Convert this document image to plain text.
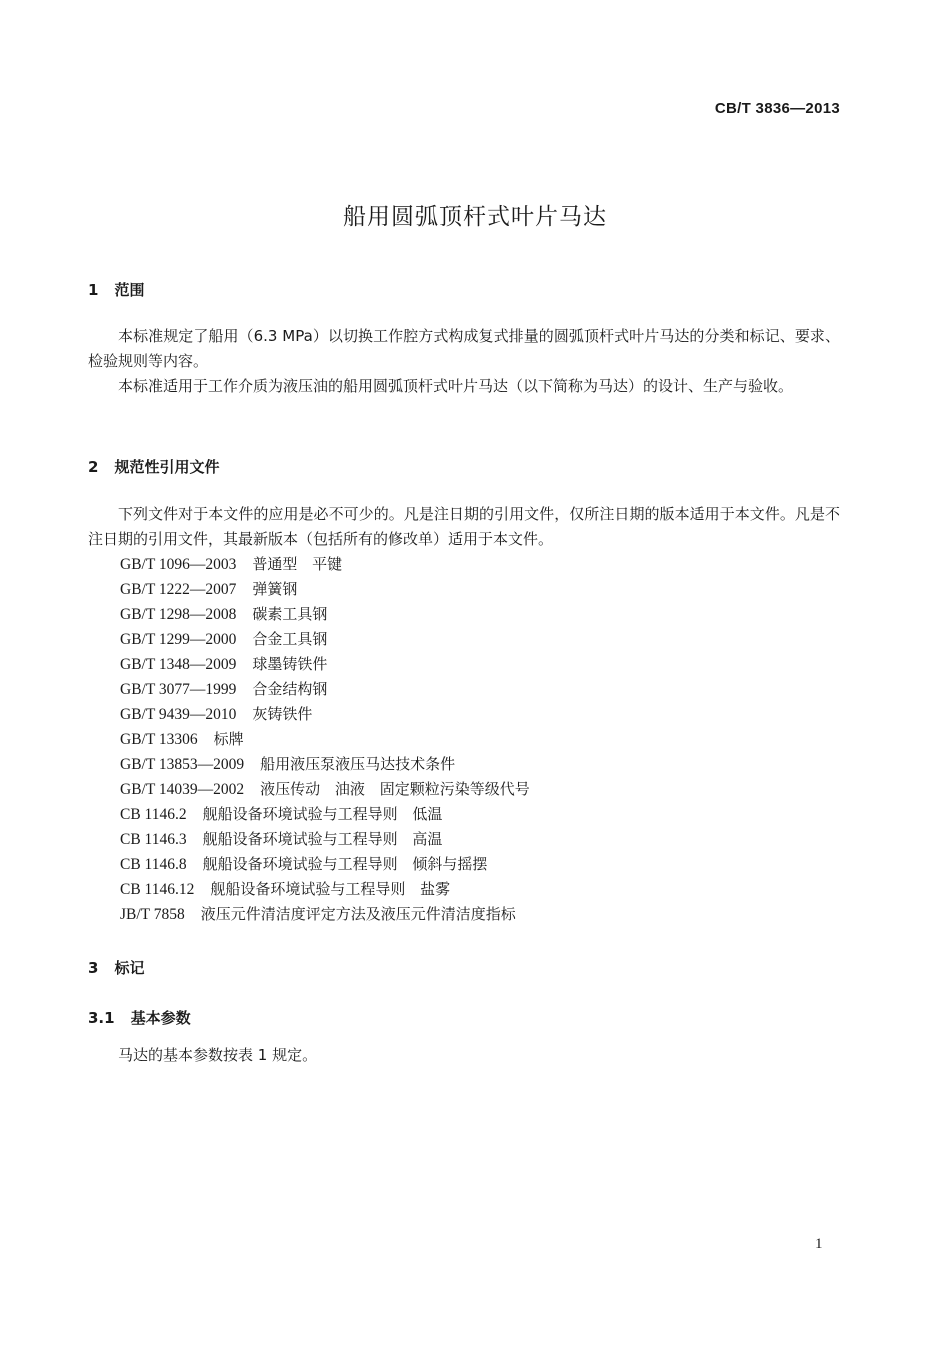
CB/T 3836—2013
船用圆弧顶杆式叶片马达
1 范围
本标准规定了船用（6.3 MPa）以切换工作腔方式构成复式排量的圆弧顶杆式叶片马达的分类和标记、要求、检验规则等内容。
本标准适用于工作介质为液压油的船用圆弧顶杆式叶片马达（以下简称为马达）的设计、生产与验收。
2 规范性引用文件
下列文件对于本文件的应用是必不可少的。凡是注日期的引用文件，仅所注日期的版本适用于本文件。凡是不注日期的引用文件，其最新版本（包括所有的修改单）适用于本文件。
GB/T 1096—2003 普通型 平键
GB/T 1222—2007 弹簧钢
GB/T 1298—2008 碳素工具钢
GB/T 1299—2000 合金工具钢
GB/T 1348—2009 球墨铸铁件
GB/T 3077—1999 合金结构钢
GB/T 9439—2010 灰铸铁件
GB/T 13306 标牌
GB/T 13853—2009 船用液压泵液压马达技术条件
GB/T 14039—2002 液压传动 油液 固定颗粒污染等级代号
CB 1146.2 舰船设备环境试验与工程导则 低温
CB 1146.3 舰船设备环境试验与工程导则 高温
CB 1146.8 舰船设备环境试验与工程导则 倾斜与摇摆
CB 1146.12 舰船设备环境试验与工程导则 盐雾
JB/T 7858 液压元件清洁度评定方法及液压元件清洁度指标
3 标记
3.1 基本参数
马达的基本参数按表 1 规定。
1
